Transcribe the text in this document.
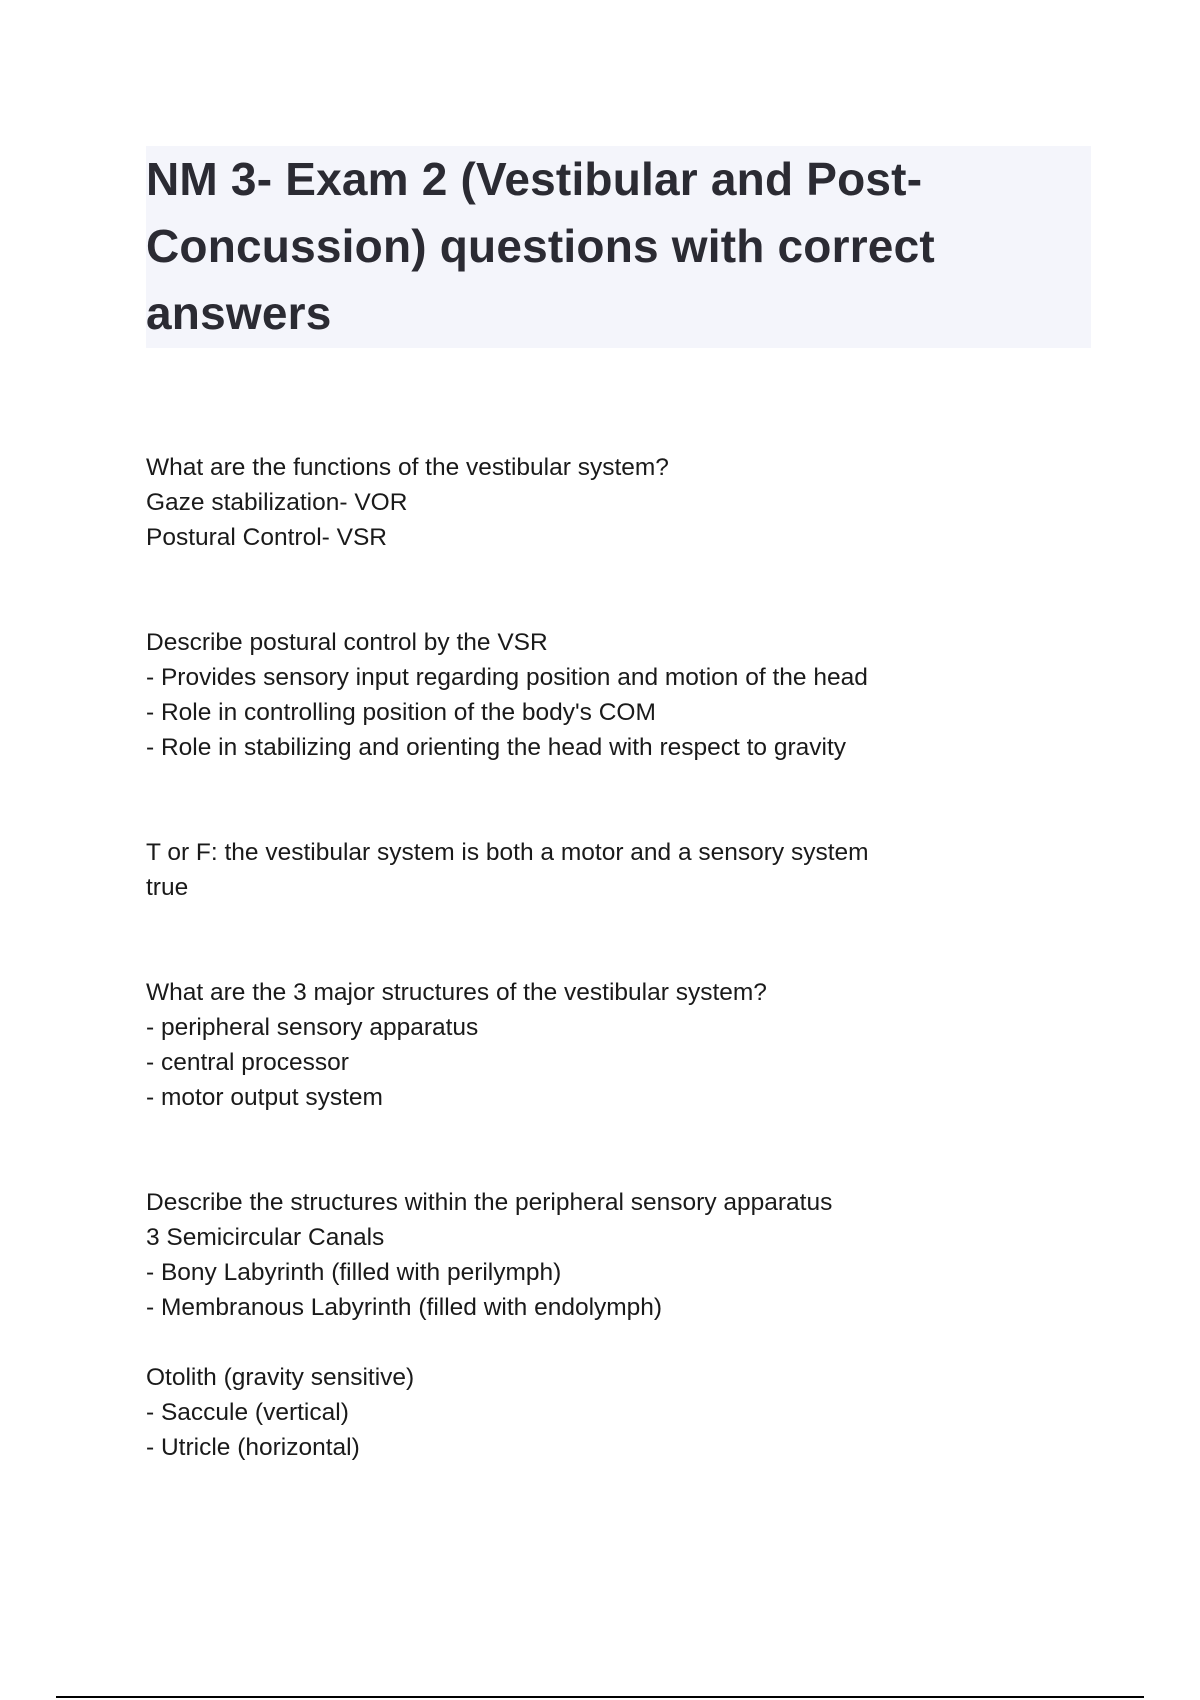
NM 3- Exam 2 (Vestibular and Post-Concussion) questions with correct answers
What are the functions of the vestibular system?
Gaze stabilization- VOR
Postural Control- VSR
Describe postural control by the VSR
- Provides sensory input regarding position and motion of the head
- Role in controlling position of the body's COM
- Role in stabilizing and orienting the head with respect to gravity
T or F: the vestibular system is both a motor and a sensory system
true
What are the 3 major structures of the vestibular system?
- peripheral sensory apparatus
- central processor
- motor output system
Describe the structures within the peripheral sensory apparatus
3 Semicircular Canals
- Bony Labyrinth (filled with perilymph)
- Membranous Labyrinth (filled with endolymph)
Otolith (gravity sensitive)
- Saccule (vertical)
- Utricle (horizontal)
